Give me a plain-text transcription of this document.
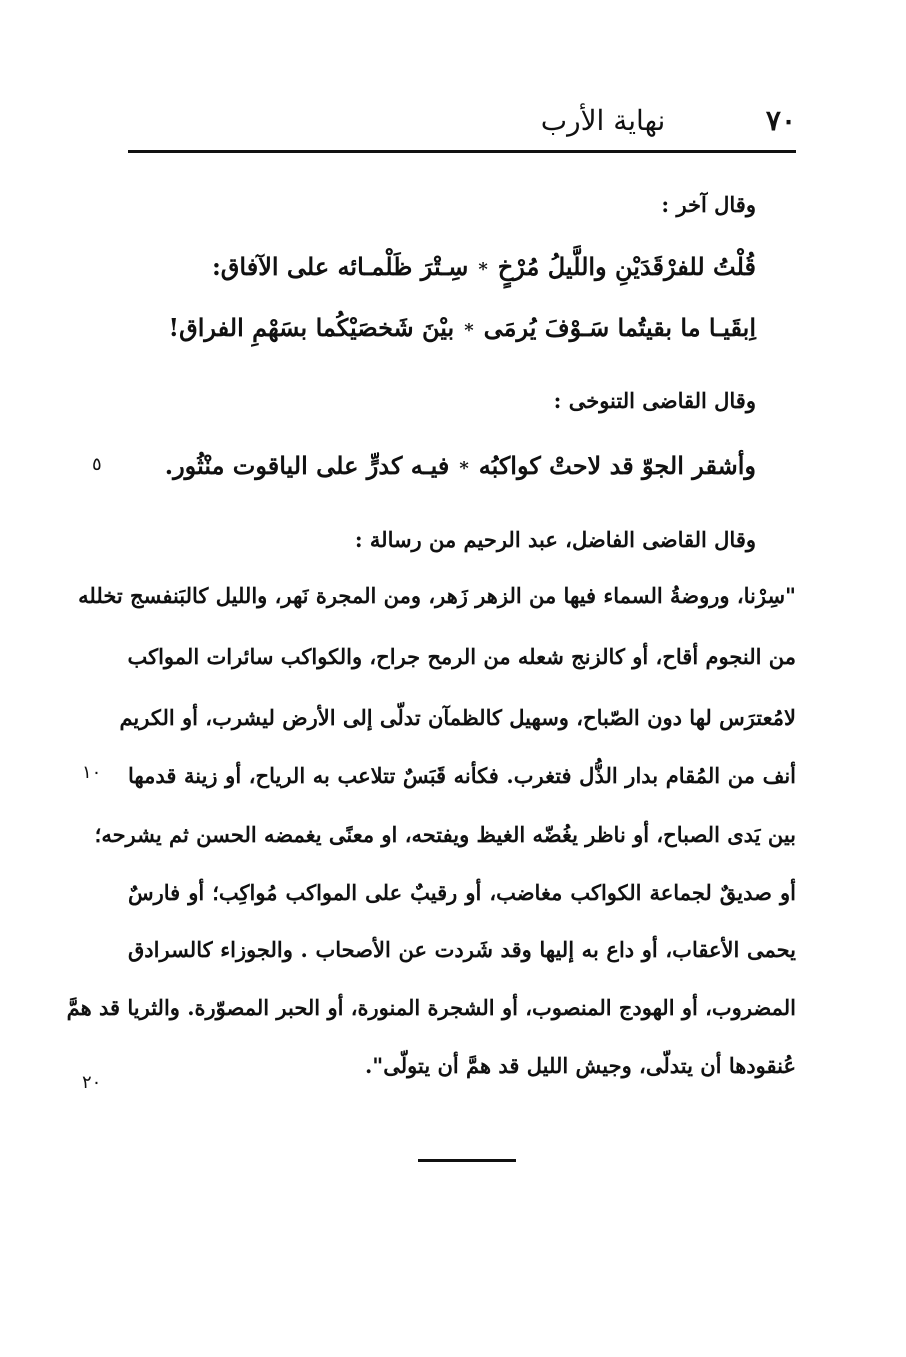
٧٠
نهاية الأرب
وقال آخر :
قُلْتُ للفرْقَدَيْنِ واللَّيلُ مُرْخٍ*سِـتْرَ ظَلْمـائه على الآفاق:
اِبقَيـا ما بقيتُما سَـوْفَ يُرمَى*بيْنَ شَخصَيْكُما بسَهْمِ الفراق!
وقال القاضى التنوخى :
وأشقر الجوّ قد لاحتْ كواكبُه*فيـه كدرٍّ على الياقوت منْثُور.
وقال القاضى الفاضل، عبد الرحيم من رسالة :
"سِرْنا، وروضةُ السماء فيها من الزهر زَهر، ومن المجرة نَهر، والليل كالبَنفسج تخلله
من النجوم أقاح، أو كالزنج شعله من الرمح جراح، والكواكب سائرات المواكب
لامُعترَس لها دون الصّباح، وسهيل كالظمآن تدلّى إلى الأرض ليشرب، أو الكريم
أنف من المُقام بدار الذُّل فتغرب. فكأنه قَبَسٌ تتلاعب به الرياح، أو زينة قدمها
بين يَدى الصباح، أو ناظر يغُضّه الغيظ ويفتحه، او معنًى يغمضه الحسن ثم يشرحه؛
أو صديقٌ لجماعة الكواكب مغاضب، أو رقيبٌ على المواكب مُواكِب؛ أو فارسٌ
يحمى الأعقاب، أو داع به إليها وقد شَردت عن الأصحاب . والجوزاء كالسرادق
المضروب، أو الهودج المنصوب، أو الشجرة المنورة، أو الحبر المصوّرة. والثريا قد همَّ
عُنقودها أن يتدلّى، وجيش الليل قد همَّ أن يتولّى".
٥
١٠
٢٠
